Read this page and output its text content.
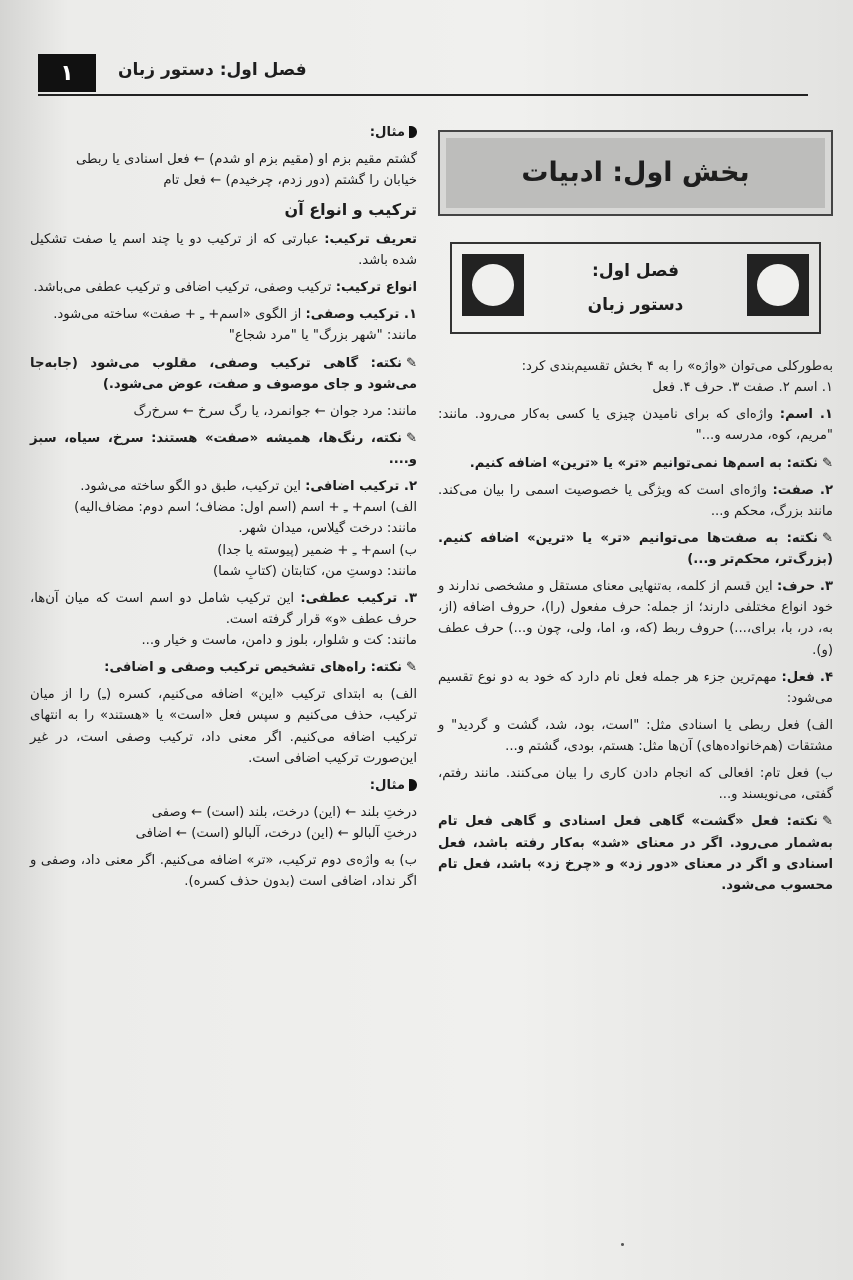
۱	فصل اول: دستور زبان
بخش اول: ادبیات
فصل اول:
دستور زبان

به‌طورکلی می‌توان «واژه» را به ۴ بخش تقسیم‌بندی کرد:
۱. اسم ۲. صفت ۳. حرف ۴. فعل

۱. اسم: واژه‌ای که برای نامیدن چیزی یا کسی به‌کار می‌رود. مانند: "مریم، کوه، مدرسه و..."

✎نکته: به اسم‌ها نمی‌توانیم «تر» یا «ترین» اضافه کنیم.

۲. صفت: واژه‌ای است که ویژگی یا خصوصیت اسمی را بیان می‌کند. مانند بزرگ، محکم و...

✎نکته: به صفت‌ها می‌توانیم «تر» یا «ترین» اضافه کنیم. (بزرگ‌تر، محکم‌تر و...)

۳. حرف: این قسم از کلمه، به‌تنهایی معنای مستقل و مشخصی ندارند و خود انواع مختلفی دارند؛ از جمله: حرف مفعول (را)، حروف اضافه (از، به، در، با، برای،...) حروف ربط (که، و، اما، ولی، چون و...) حرف عطف (و).

۴. فعل: مهم‌ترین جزء هر جمله فعل نام دارد که خود به دو نوع تقسیم می‌شود:

الف) فعل ربطی یا اسنادی مثل: "است، بود، شد، گشت و گردید" و مشتقات (هم‌خانواده‌های) آن‌ها مثل: هستم، بودی، گشتم و...

ب) فعل تام: افعالی که انجام دادن کاری را بیان می‌کنند. مانند رفتم، گفتی، می‌نویسند و...

✎نکته: فعل «گشت» گاهی فعل اسنادی و گاهی فعل تام به‌شمار می‌رود. اگر در معنای «شد» به‌کار رفته باشد، فعل اسنادی و اگر در معنای «دور زد» و «چرخ زد» باشد، فعل تام محسوب می‌شود.

مثال:

گشتم مقیم بزم او (مقیم بزم او شدم) ← فعل اسنادی یا ربطی
خیابان را گشتم (دور زدم، چرخیدم) ← فعل تام

ترکیب و انواع آن

تعریف ترکیب: عبارتی که از ترکیب دو یا چند اسم یا صفت تشکیل شده باشد.

انواع ترکیب: ترکیب وصفی، ترکیب اضافی و ترکیب عطفی می‌باشد.

۱. ترکیب وصفی: از الگوی «اسم+ ـِ + صفت» ساخته می‌شود.
مانند: "شهر بزرگ" یا "مرد شجاع"

✎نکته: گاهی ترکیب وصفی، مقلوب می‌شود (جابه‌جا می‌شود و جای موصوف و صفت، عوض می‌شود.)

مانند: مرد جوان ← جوانمرد، یا رگ سرخ ← سرخ‌رگ

✎نکته، رنگ‌ها، همیشه «صفت» هستند: سرخ، سیاه، سبز و....

۲. ترکیب اضافی: این ترکیب، طبق دو الگو ساخته می‌شود.
الف) اسم+ ـِ + اسم (اسم اول: مضاف؛ اسم دوم: مضاف‌الیه)
مانند: درخت گیلاس، میدان شهر.
ب) اسم+ ـِ + ضمیر (پیوسته یا جدا)
مانند: دوستِ من، کتابتان (کتابِ شما)

۳. ترکیب عطفی: این ترکیب شامل دو اسم است که میان آن‌ها، حرف عطف «و» قرار گرفته است.
مانند: کت و شلوار، بلوز و دامن، ماست و خیار و...

✎نکته: راه‌های تشخیص ترکیب وصفی و اضافی:

الف) به ابتدای ترکیب «این» اضافه می‌کنیم، کسره (ـِ) را از میان ترکیب، حذف می‌کنیم و سپس فعل «است» یا «هستند» را به انتهای ترکیب اضافه می‌کنیم. اگر معنی داد، ترکیب وصفی است، در غیر این‌صورت ترکیب اضافی است.

مثال:

درختِ بلند ← (این) درخت، بلند (است) ← وصفی
درختِ آلبالو ← (این) درخت، آلبالو (است) ← اضافی

ب) به واژه‌ی دوم ترکیب، «تر» اضافه می‌کنیم. اگر معنی داد، وصفی و اگر نداد، اضافی است (بدون حذف کسره).
